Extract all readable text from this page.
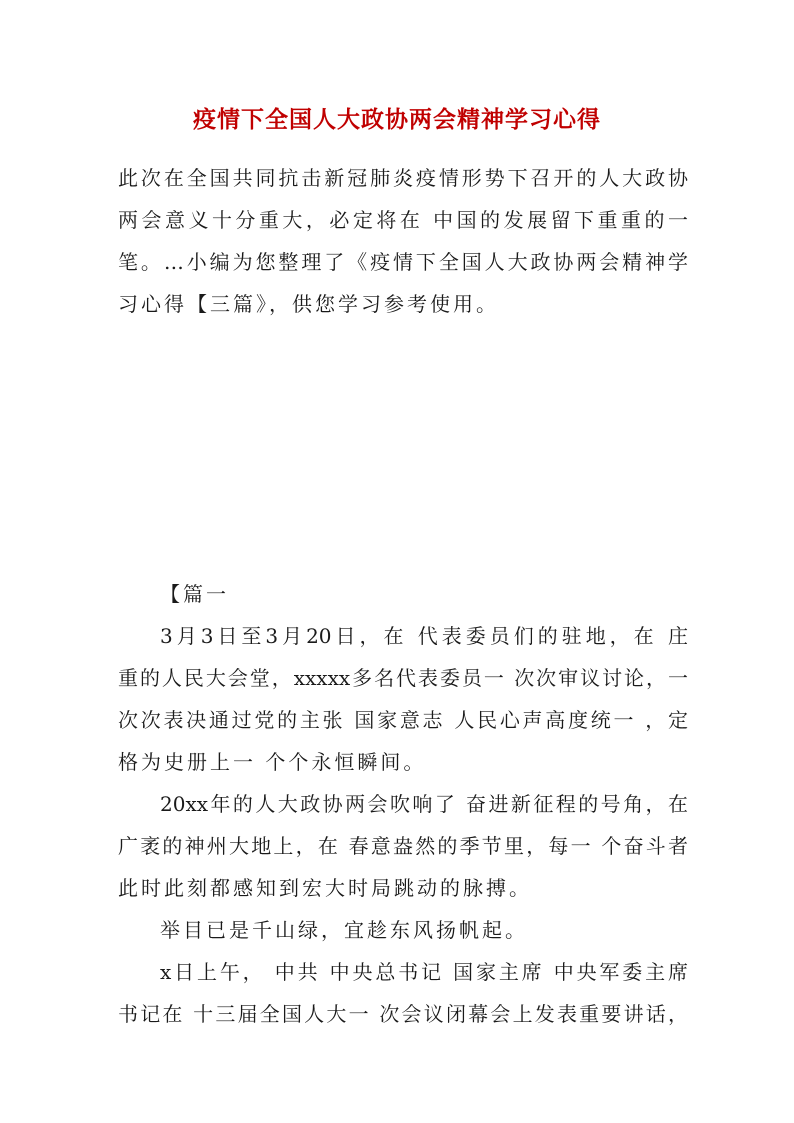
疫情下全国人大政协两会精神学习心得

此次在全国共同抗击新冠肺炎疫情形势下召开的人大政协

两会意义十分重大，必定将在 中国的发展留下重重的一

笔。…小编为您整理了《疫情下全国人大政协两会精神学

习心得【三篇》，供您学习参考使用。

【篇一

3月3日至3月20日，在 代表委员们的驻地，在 庄

重的人民大会堂，xxxxx多名代表委员一 次次审议讨论，一

次次表决通过党的主张 国家意志 人民心声高度统一 ，定

格为史册上一 个个永恒瞬间。

20xx年的人大政协两会吹响了 奋进新征程的号角，在

广袤的神州大地上，在 春意盎然的季节里，每一 个奋斗者

此时此刻都感知到宏大时局跳动的脉搏。

举目已是千山绿，宜趁东风扬帆起。

x日上午， 中共 中央总书记 国家主席 中央军委主席

书记在 十三届全国人大一 次会议闭幕会上发表重要讲话，
